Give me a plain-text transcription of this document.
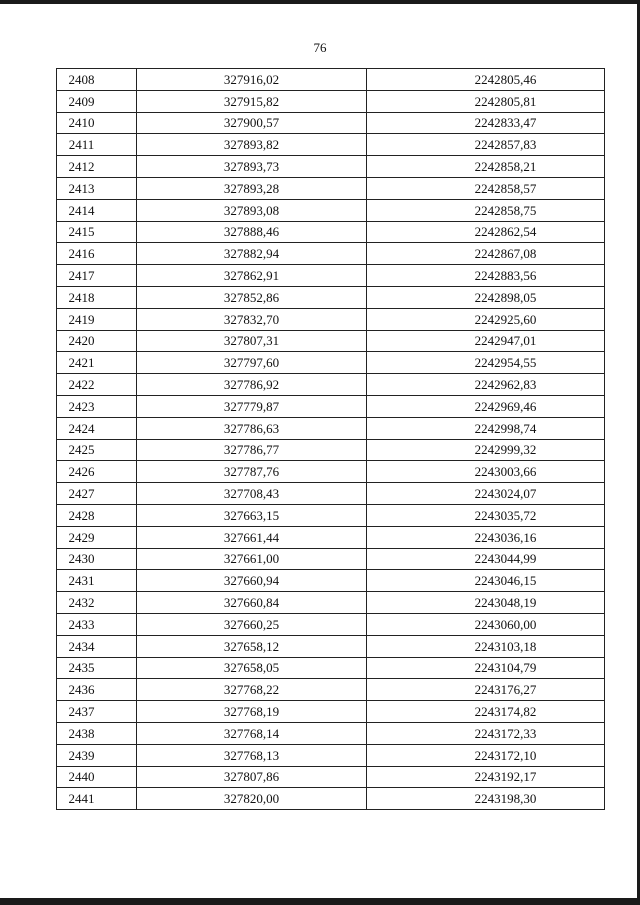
76
2408	327916,02	2242805,46
2409	327915,82	2242805,81
2410	327900,57	2242833,47
2411	327893,82	2242857,83
2412	327893,73	2242858,21
2413	327893,28	2242858,57
2414	327893,08	2242858,75
2415	327888,46	2242862,54
2416	327882,94	2242867,08
2417	327862,91	2242883,56
2418	327852,86	2242898,05
2419	327832,70	2242925,60
2420	327807,31	2242947,01
2421	327797,60	2242954,55
2422	327786,92	2242962,83
2423	327779,87	2242969,46
2424	327786,63	2242998,74
2425	327786,77	2242999,32
2426	327787,76	2243003,66
2427	327708,43	2243024,07
2428	327663,15	2243035,72
2429	327661,44	2243036,16
2430	327661,00	2243044,99
2431	327660,94	2243046,15
2432	327660,84	2243048,19
2433	327660,25	2243060,00
2434	327658,12	2243103,18
2435	327658,05	2243104,79
2436	327768,22	2243176,27
2437	327768,19	2243174,82
2438	327768,14	2243172,33
2439	327768,13	2243172,10
2440	327807,86	2243192,17
2441	327820,00	2243198,30
